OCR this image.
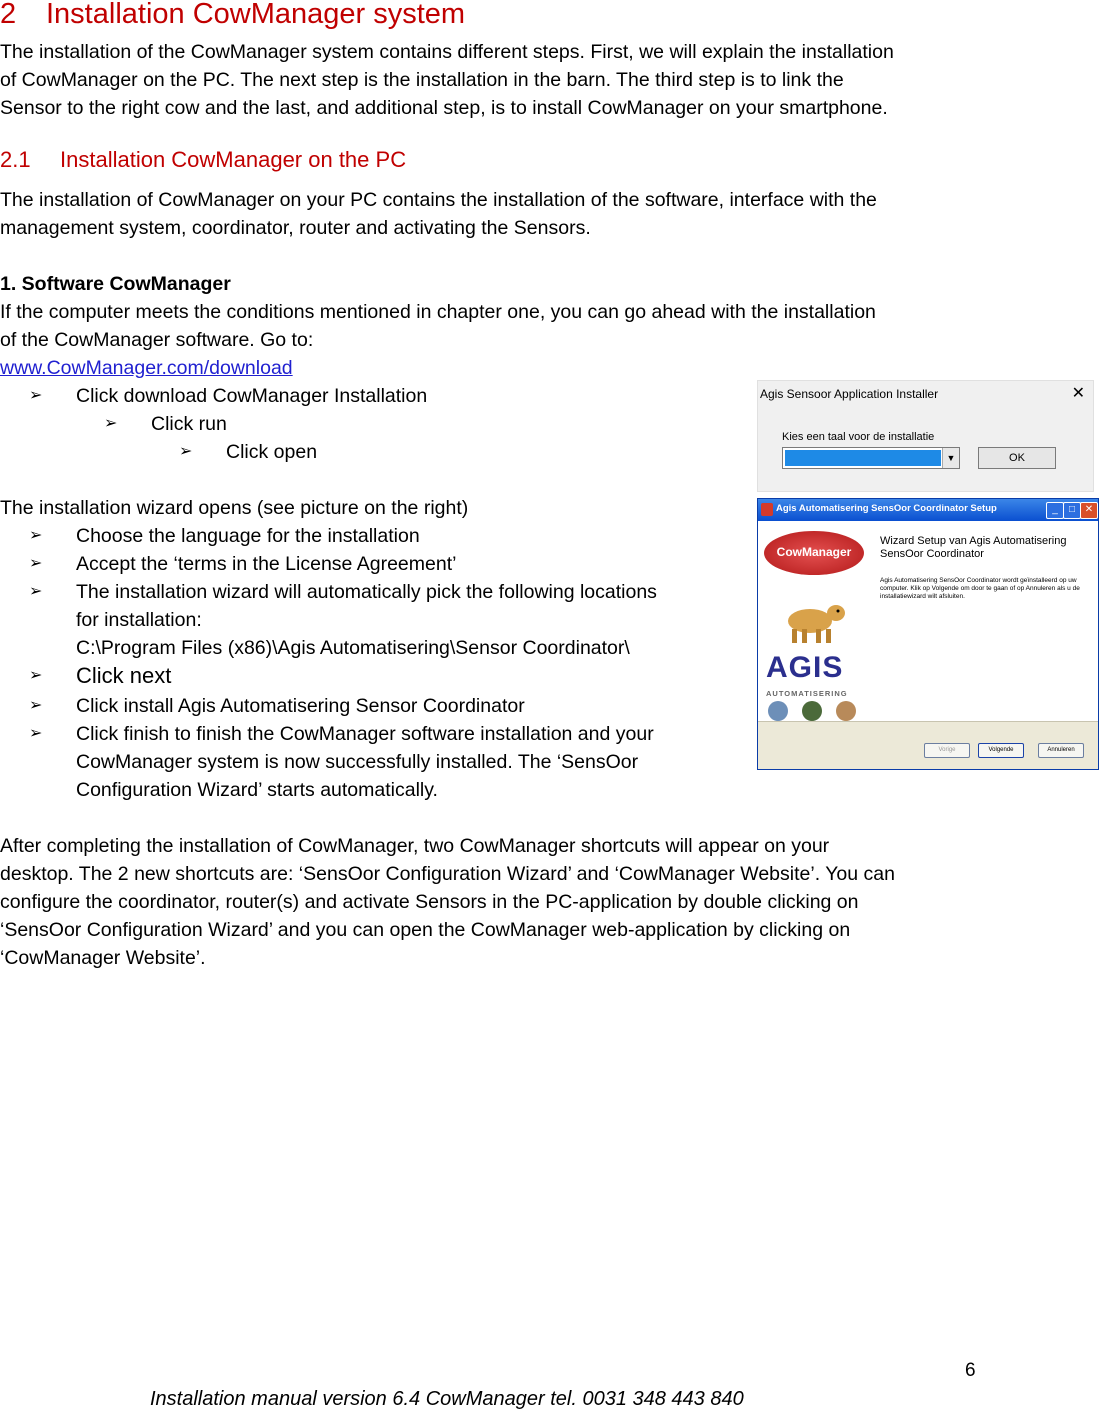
2 Installation CowManager system
The installation of the CowManager system contains different steps. First, we will explain the installation
of CowManager on the PC. The next step is the installation in the barn. The third step is to link the
Sensor to the right cow and the last, and additional step, is to install CowManager on your smartphone.
2.1 Installation CowManager on the PC
The installation of CowManager on your PC contains the installation of the software, interface with the
management system, coordinator, router and activating the Sensors.
1. Software CowManager
If the computer meets the conditions mentioned in chapter one, you can go ahead with the installation
of the CowManager software. Go to:
www.CowManager.com/download
➢ Click download CowManager Installation
➢ Click run
➢ Click open
The installation wizard opens (see picture on the right)
➢ Choose the language for the installation
➢ Accept the ‘terms in the License Agreement’
➢ The installation wizard will automatically pick the following locations
for installation:
C:\Program Files (x86)\Agis Automatisering\Sensor Coordinator\
➢ Click next
➢ Click install Agis Automatisering Sensor Coordinator
➢ Click finish to finish the CowManager software installation and your
CowManager system is now successfully installed. The ‘SensOor
Configuration Wizard’ starts automatically.
After completing the installation of CowManager, two CowManager shortcuts will appear on your
desktop. The 2 new shortcuts are: ‘SensOor Configuration Wizard’ and ‘CowManager Website’. You can
configure the coordinator, router(s) and activate Sensors in the PC-application by double clicking on
‘SensOor Configuration Wizard’ and you can open the CowManager web-application by clicking on
‘CowManager Website’.
Agis Sensoor Application Installer	✕
Kies een taal voor de installatie
▼	OK
Agis Automatisering SensOor Coordinator Setup	_	□ ✕
CowManager
AGIS
AUTOMATISERING
Wizard Setup van Agis Automatisering SensOor Coordinator
Agis Automatisering SensOor Coordinator wordt geïnstalleerd op uw computer. Klik op Volgende om door te gaan of op Annuleren als u de installatiewizard wilt afsluiten.
Vorige	Volgende	Annuleren
6
Installation manual version 6.4 CowManager tel. 0031 348 443 840
